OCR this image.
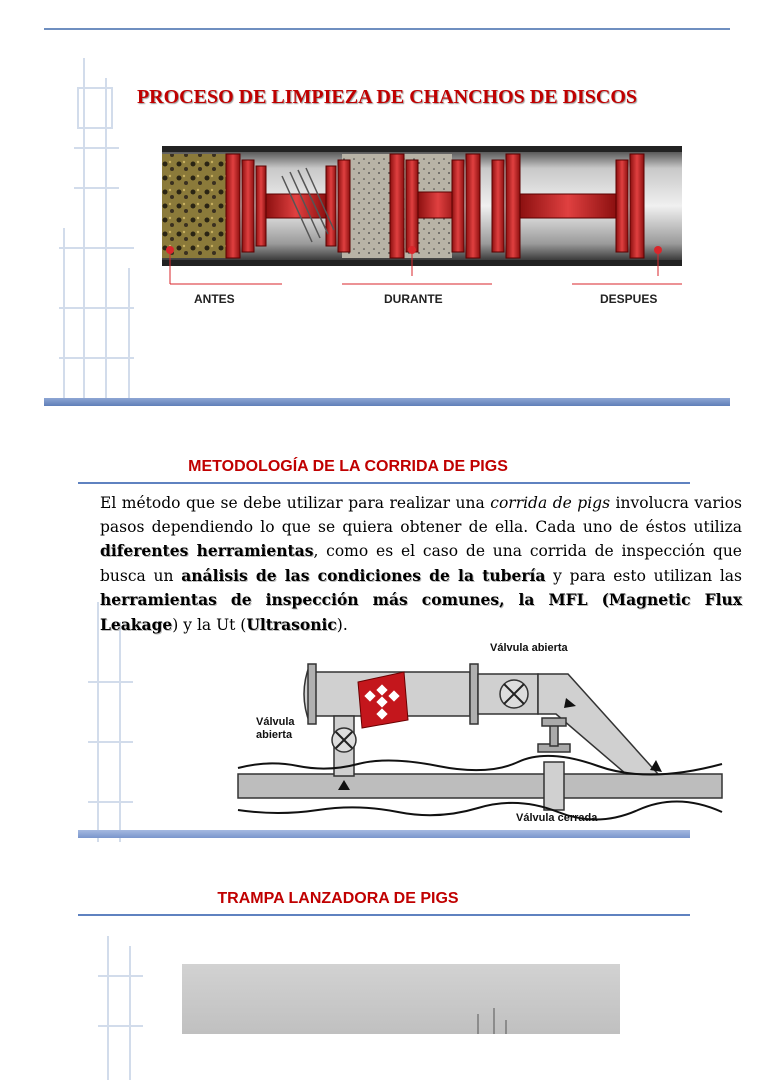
PROCESO DE LIMPIEZA DE CHANCHOS DE DISCOS
ANTES	DURANTE	DESPUES
METODOLOGÍA DE LA CORRIDA DE PIGS
El método que se debe utilizar para realizar una corrida de pigs involucra varios pasos dependiendo lo que se quiera obtener de ella. Cada uno de éstos utiliza diferentes herramientas, como es el caso de una corrida de inspección que busca un análisis de las condiciones de la tubería y para esto utilizan las herramientas de inspección más comunes, la MFL (Magnetic Flux Leakage) y la Ut (Ultrasonic).
Válvula abierta
Válvula
abierta
Válvula cerrada
TRAMPA LANZADORA DE PIGS
